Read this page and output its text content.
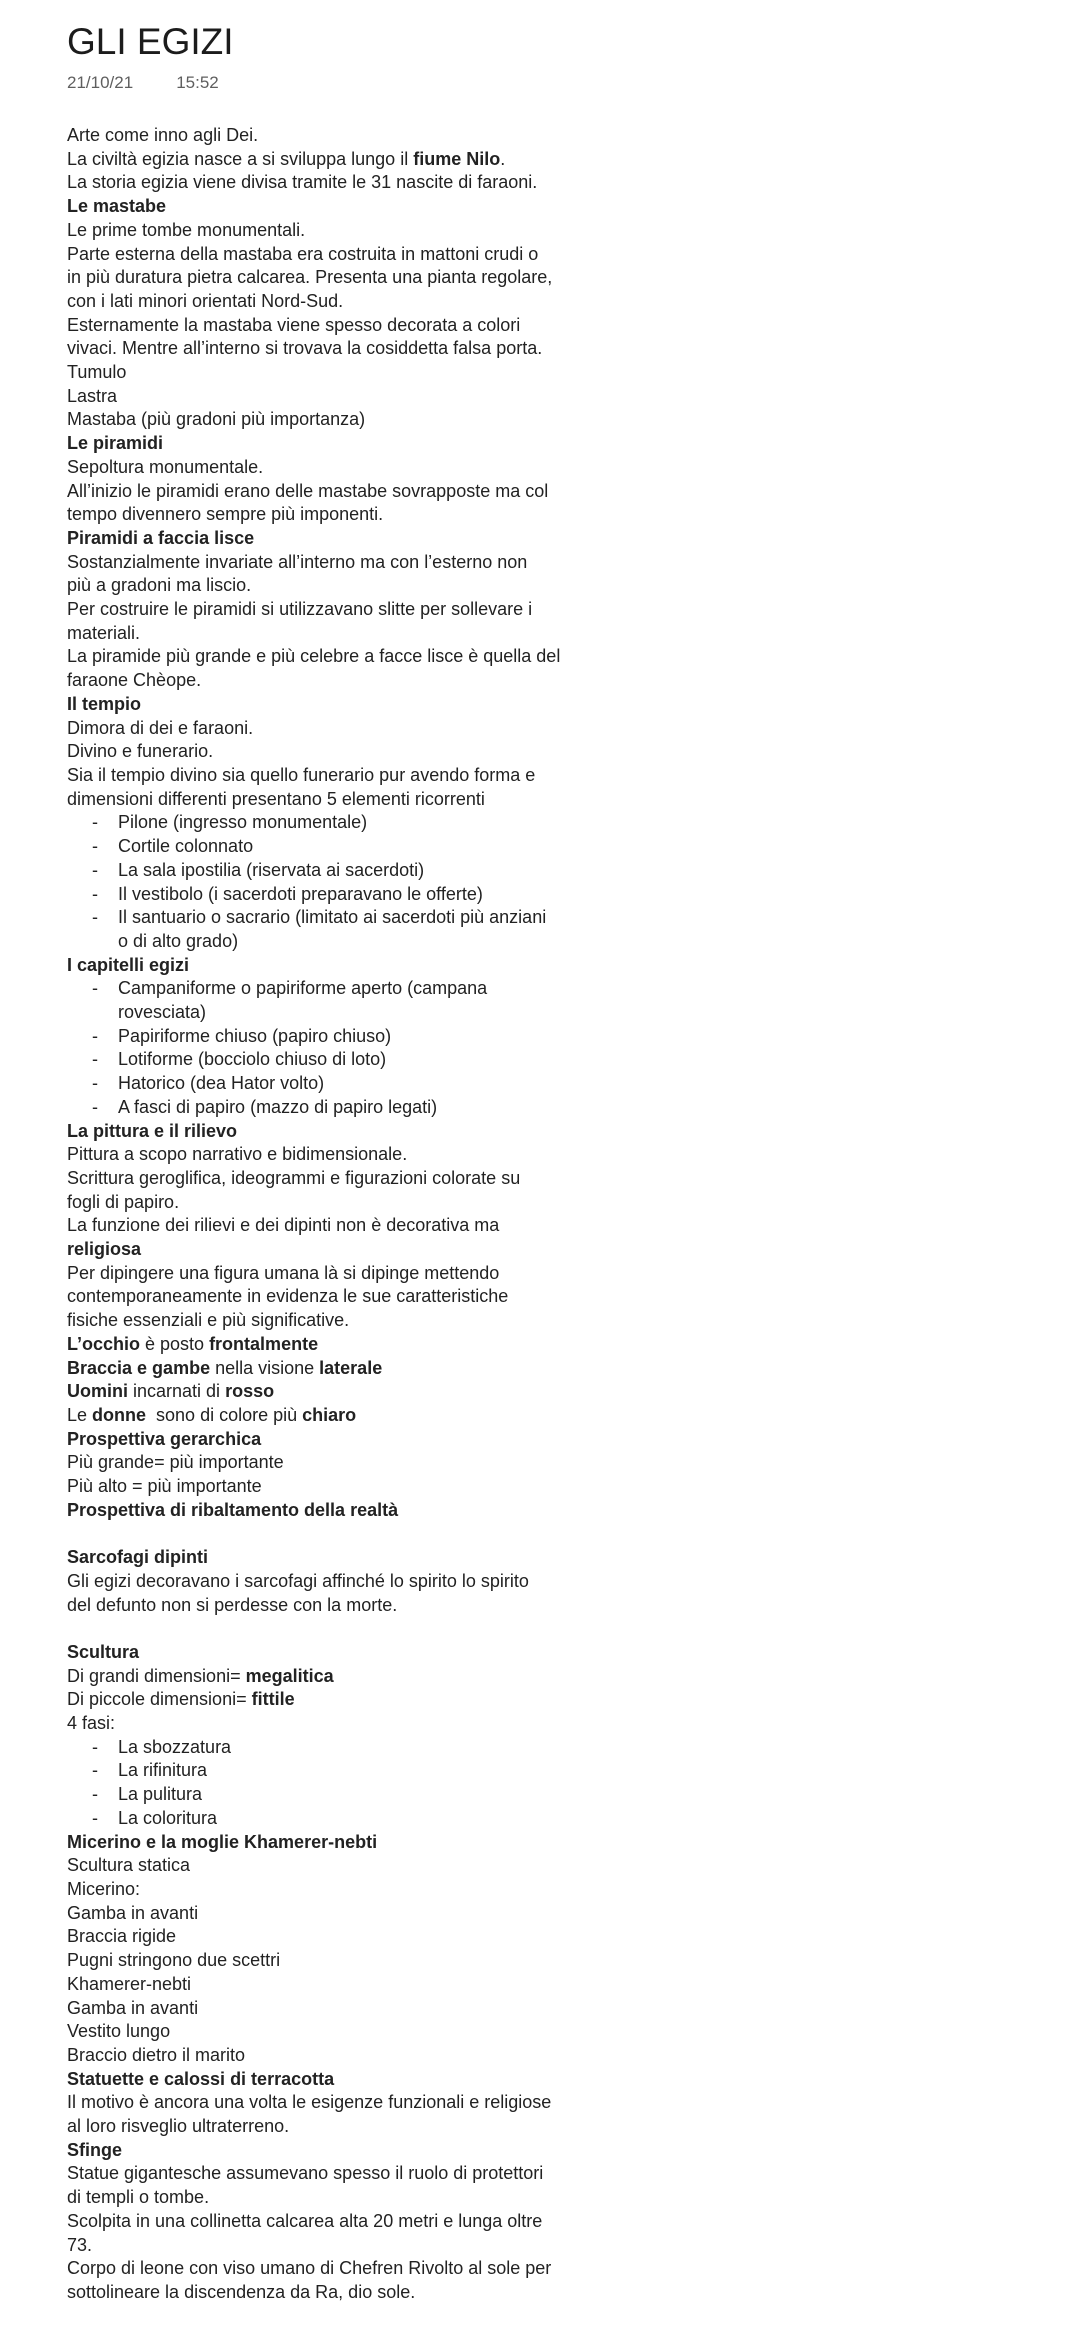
GLI EGIZI
21/10/21	15:52
Arte come inno agli Dei.
La civiltà egizia nasce a si sviluppa lungo il fiume Nilo.
La storia egizia viene divisa tramite le 31 nascite di faraoni.
Le mastabe
Le prime tombe monumentali.
Parte esterna della mastaba era costruita in mattoni crudi o
in più duratura pietra calcarea. Presenta una pianta regolare,
con i lati minori orientati Nord-Sud.
Esternamente la mastaba viene spesso decorata a colori
vivaci. Mentre all’interno si trovava la cosiddetta falsa porta.
Tumulo
Lastra
Mastaba (più gradoni più importanza)
Le piramidi
Sepoltura monumentale.
All’inizio le piramidi erano delle mastabe sovrapposte ma col
tempo divennero sempre più imponenti.
Piramidi a faccia lisce
Sostanzialmente invariate all’interno ma con l’esterno non
più a gradoni ma liscio.
Per costruire le piramidi si utilizzavano slitte per sollevare i
materiali.
La piramide più grande e più celebre a facce lisce è quella del
faraone Chèope.
Il tempio
Dimora di dei e faraoni.
Divino e funerario.
Sia il tempio divino sia quello funerario pur avendo forma e
dimensioni differenti presentano 5 elementi ricorrenti
- Pilone (ingresso monumentale)
- Cortile colonnato
- La sala ipostilia (riservata ai sacerdoti)
- Il vestibolo (i sacerdoti preparavano le offerte)
- Il santuario o sacrario (limitato ai sacerdoti più anziani
o di alto grado)
I capitelli egizi
- Campaniforme o papiriforme aperto (campana
rovesciata)
- Papiriforme chiuso (papiro chiuso)
- Lotiforme (bocciolo chiuso di loto)
- Hatorico (dea Hator volto)
- A fasci di papiro (mazzo di papiro legati)
La pittura e il rilievo
Pittura a scopo narrativo e bidimensionale.
Scrittura geroglifica, ideogrammi e figurazioni colorate su
fogli di papiro.
La funzione dei rilievi e dei dipinti non è decorativa ma
religiosa
Per dipingere una figura umana là si dipinge mettendo
contemporaneamente in evidenza le sue caratteristiche
fisiche essenziali e più significative.
L’occhio è posto frontalmente
Braccia e gambe nella visione laterale
Uomini incarnati di rosso
Le donne  sono di colore più chiaro
Prospettiva gerarchica
Più grande= più importante
Più alto = più importante
Prospettiva di ribaltamento della realtà
Sarcofagi dipinti
Gli egizi decoravano i sarcofagi affinché lo spirito lo spirito
del defunto non si perdesse con la morte.
Scultura
Di grandi dimensioni= megalitica
Di piccole dimensioni= fittile
4 fasi:
- La sbozzatura
- La rifinitura
- La pulitura
- La coloritura
Micerino e la moglie Khamerer-nebti
Scultura statica
Micerino:
Gamba in avanti
Braccia rigide
Pugni stringono due scettri
Khamerer-nebti
Gamba in avanti
Vestito lungo
Braccio dietro il marito
Statuette e calossi di terracotta
Il motivo è ancora una volta le esigenze funzionali e religiose
al loro risveglio ultraterreno.
Sfinge
Statue gigantesche assumevano spesso il ruolo di protettori
di templi o tombe.
Scolpita in una collinetta calcarea alta 20 metri e lunga oltre
73.
Corpo di leone con viso umano di Chefren Rivolto al sole per
sottolineare la discendenza da Ra, dio sole.
